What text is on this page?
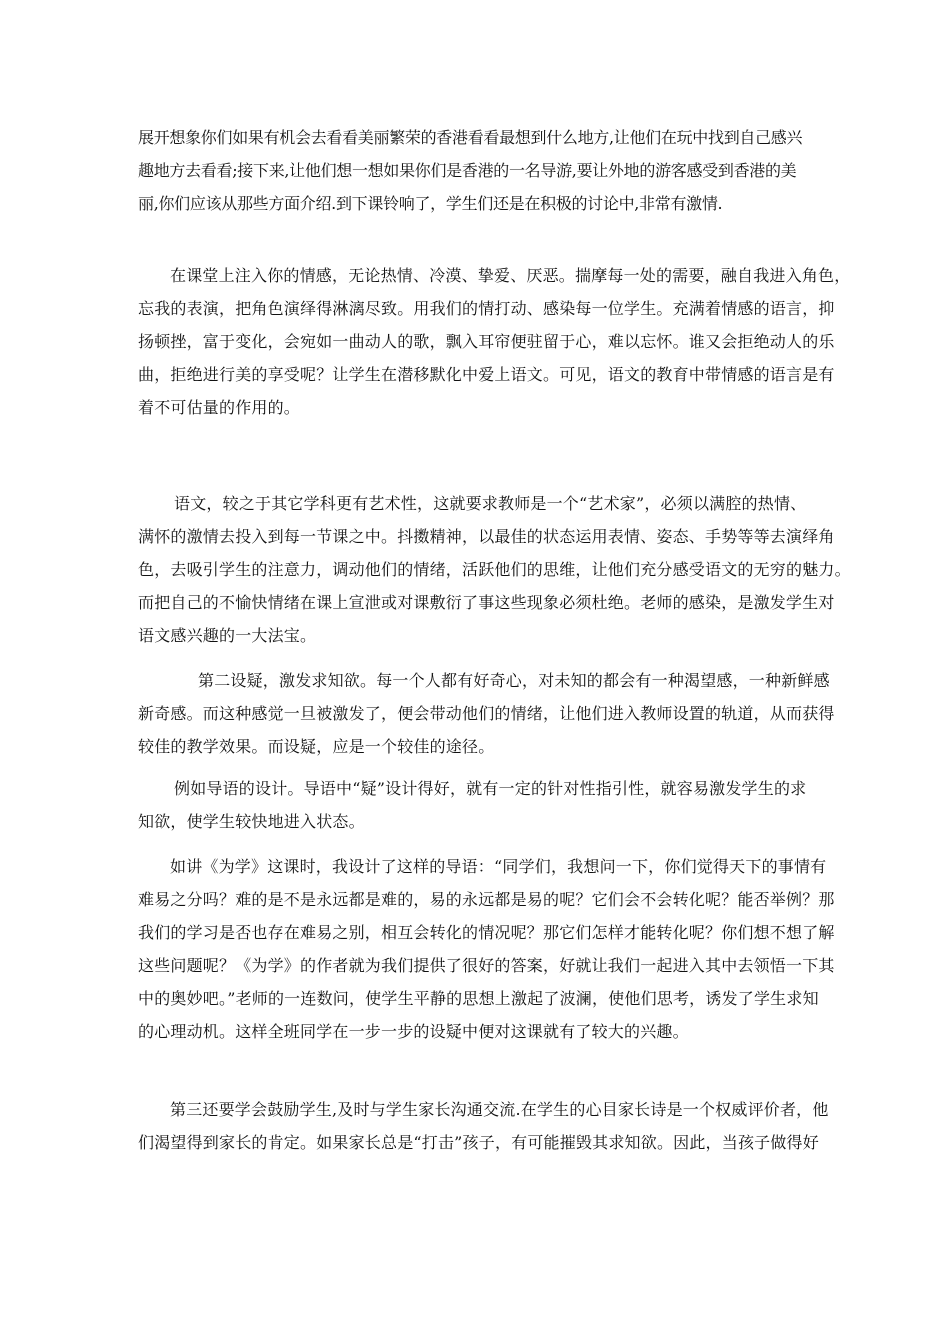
展开想象你们如果有机会去看看美丽繁荣的香港看看最想到什么地方,让他们在玩中找到自己感兴
趣地方去看看;接下来,让他们想一想如果你们是香港的一名导游,要让外地的游客感受到香港的美
丽,你们应该从那些方面介绍.到下课铃响了，学生们还是在积极的讨论中,非常有激情.
在课堂上注入你的情感，无论热情、冷漠、挚爱、厌恶。揣摩每一处的需要，融自我进入角色，
忘我的表演，把角色演绎得淋漓尽致。用我们的情打动、感染每一位学生。充满着情感的语言，抑
扬顿挫，富于变化，会宛如一曲动人的歌，飘入耳帘便驻留于心，难以忘怀。谁又会拒绝动人的乐
曲，拒绝进行美的享受呢？让学生在潜移默化中爱上语文。可见，语文的教育中带情感的语言是有
着不可估量的作用的。
语文，较之于其它学科更有艺术性，这就要求教师是一个“艺术家”，必须以满腔的热情、
满怀的激情去投入到每一节课之中。抖擞精神，以最佳的状态运用表情、姿态、手势等等去演绎角
色，去吸引学生的注意力，调动他们的情绪，活跃他们的思维，让他们充分感受语文的无穷的魅力。
而把自己的不愉快情绪在课上宣泄或对课敷衍了事这些现象必须杜绝。老师的感染，是激发学生对
语文感兴趣的一大法宝。
第二设疑，激发求知欲。每一个人都有好奇心，对未知的都会有一种渴望感，一种新鲜感
新奇感。而这种感觉一旦被激发了，便会带动他们的情绪，让他们进入教师设置的轨道，从而获得
较佳的教学效果。而设疑，应是一个较佳的途径。
例如导语的设计。导语中“疑”设计得好，就有一定的针对性指引性，就容易激发学生的求
知欲，使学生较快地进入状态。
如讲《为学》这课时，我设计了这样的导语：“同学们，我想问一下，你们觉得天下的事情有
难易之分吗？难的是不是永远都是难的，易的永远都是易的呢？它们会不会转化呢？能否举例？那
我们的学习是否也存在难易之别，相互会转化的情况呢？那它们怎样才能转化呢？你们想不想了解
这些问题呢？《为学》的作者就为我们提供了很好的答案，好就让我们一起进入其中去领悟一下其
中的奥妙吧。”老师的一连数问，使学生平静的思想上激起了波澜，使他们思考，诱发了学生求知
的心理动机。这样全班同学在一步一步的设疑中便对这课就有了较大的兴趣。
第三还要学会鼓励学生,及时与学生家长沟通交流.在学生的心目家长诗是一个权威评价者，他
们渴望得到家长的肯定。如果家长总是“打击”孩子，有可能摧毁其求知欲。因此，当孩子做得好
